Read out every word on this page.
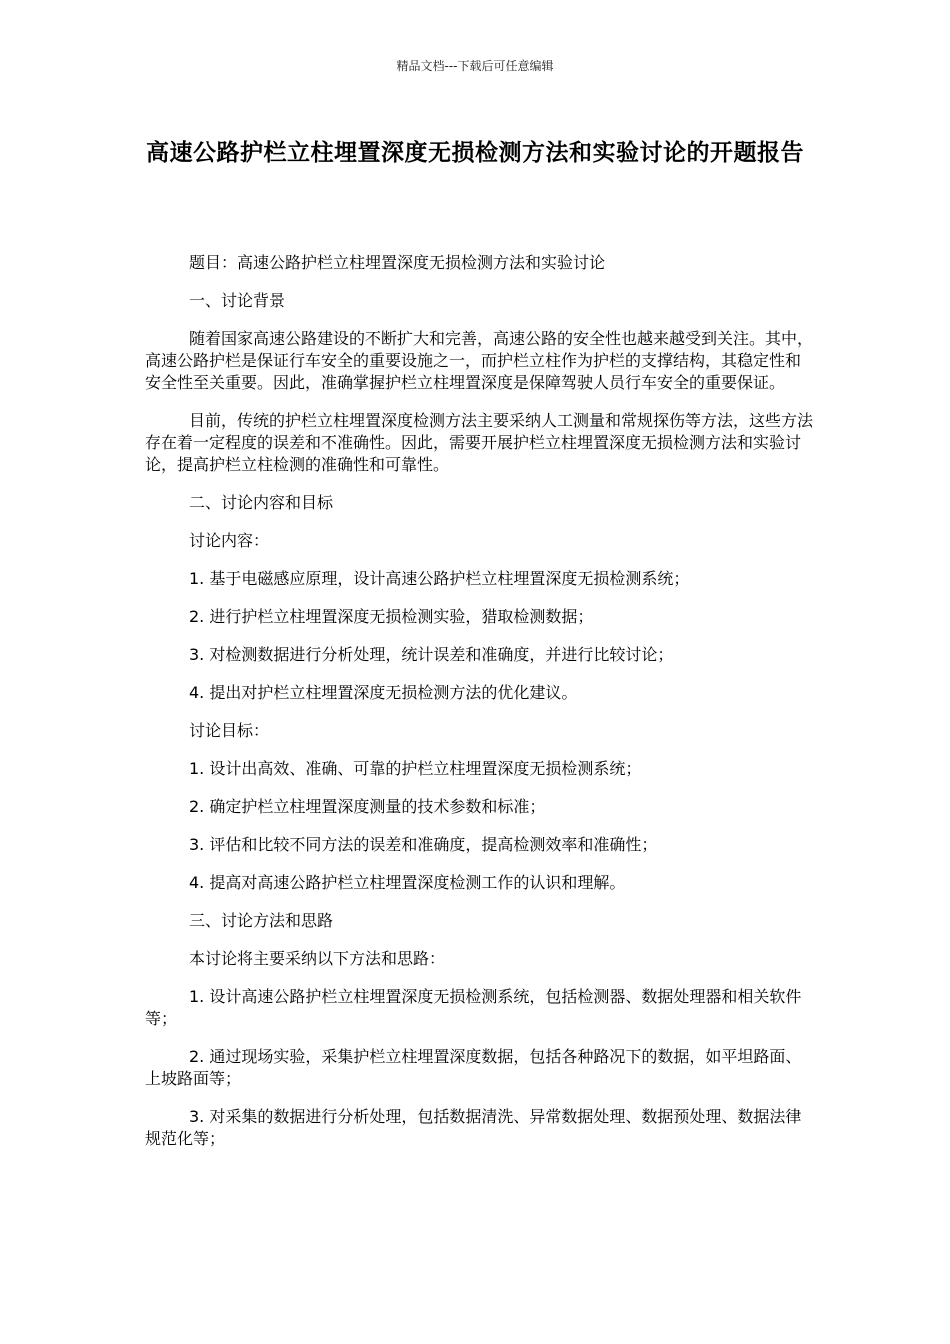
精品文档---下载后可任意编辑
高速公路护栏立柱埋置深度无损检测方法和实验讨论的开题报告

题目：高速公路护栏立柱埋置深度无损检测方法和实验讨论

一、讨论背景

随着国家高速公路建设的不断扩大和完善，高速公路的安全性也越来越受到关注。其中，高速公路护栏是保证行车安全的重要设施之一，而护栏立柱作为护栏的支撑结构，其稳定性和安全性至关重要。因此，准确掌握护栏立柱埋置深度是保障驾驶人员行车安全的重要保证。

目前，传统的护栏立柱埋置深度检测方法主要采纳人工测量和常规探伤等方法，这些方法存在着一定程度的误差和不准确性。因此，需要开展护栏立柱埋置深度无损检测方法和实验讨论，提高护栏立柱检测的准确性和可靠性。

二、讨论内容和目标

讨论内容：

1. 基于电磁感应原理，设计高速公路护栏立柱埋置深度无损检测系统；

2. 进行护栏立柱埋置深度无损检测实验，猎取检测数据；

3. 对检测数据进行分析处理，统计误差和准确度，并进行比较讨论；

4. 提出对护栏立柱埋置深度无损检测方法的优化建议。

讨论目标：

1. 设计出高效、准确、可靠的护栏立柱埋置深度无损检测系统；

2. 确定护栏立柱埋置深度测量的技术参数和标准；

3. 评估和比较不同方法的误差和准确度，提高检测效率和准确性；

4. 提高对高速公路护栏立柱埋置深度检测工作的认识和理解。

三、讨论方法和思路

本讨论将主要采纳以下方法和思路：

1. 设计高速公路护栏立柱埋置深度无损检测系统，包括检测器、数据处理器和相关软件等；

2. 通过现场实验，采集护栏立柱埋置深度数据，包括各种路况下的数据，如平坦路面、上坡路面等；

3. 对采集的数据进行分析处理，包括数据清洗、异常数据处理、数据预处理、数据法律规范化等；
